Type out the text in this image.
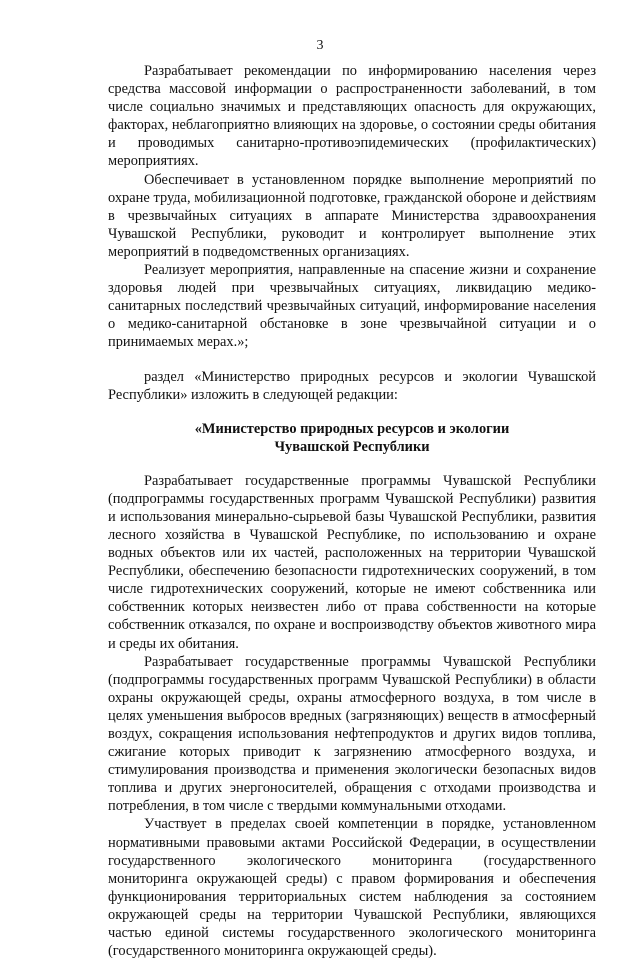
3

Разрабатывает рекомендации по информированию населения через средства массовой информации о распространенности заболеваний, в том числе социально значимых и представляющих опасность для окружающих, факторах, неблагоприятно влияющих на здоровье, о состоянии среды обитания и проводимых санитарно-противоэпидемических (профилактических) мероприятиях.

Обеспечивает в установленном порядке выполнение мероприятий по охране труда, мобилизационной подготовке, гражданской обороне и действиям в чрезвычайных ситуациях в аппарате Министерства здравоохранения Чувашской Республики, руководит и контролирует выполнение этих мероприятий в подведомственных организациях.

Реализует мероприятия, направленные на спасение жизни и сохранение здоровья людей при чрезвычайных ситуациях, ликвидацию медико-санитарных последствий чрезвычайных ситуаций, информирование населения о медико-санитарной обстановке в зоне чрезвычайной ситуации и о принимаемых мерах.»;

раздел «Министерство природных ресурсов и экологии Чувашской Республики» изложить в следующей редакции:

«Министерство природных ресурсов и экологии
Чувашской Республики

Разрабатывает государственные программы Чувашской Республики (подпрограммы государственных программ Чувашской Республики) развития и использования минерально-сырьевой базы Чувашской Республики, развития лесного хозяйства в Чувашской Республике, по использованию и охране водных объектов или их частей, расположенных на территории Чувашской Республики, обеспечению безопасности гидротехнических сооружений, в том числе гидротехнических сооружений, которые не имеют собственника или собственник которых неизвестен либо от права собственности на которые собственник отказался, по охране и воспроизводству объектов животного мира и среды их обитания.

Разрабатывает государственные программы Чувашской Республики (подпрограммы государственных программ Чувашской Республики) в области охраны окружающей среды, охраны атмосферного воздуха, в том числе в целях уменьшения выбросов вредных (загрязняющих) веществ в атмосферный воздух, сокращения использования нефтепродуктов и других видов топлива, сжигание которых приводит к загрязнению атмосферного воздуха, и стимулирования производства и применения экологически безопасных видов топлива и других энергоносителей, обращения с отходами производства и потребления, в том числе с твердыми коммунальными отходами.

Участвует в пределах своей компетенции в порядке, установленном нормативными правовыми актами Российской Федерации, в осуществлении государственного экологического мониторинга (государственного мониторинга окружающей среды) с правом формирования и обеспечения функционирования территориальных систем наблюдения за состоянием окружающей среды на территории Чувашской Республики, являющихся частью единой системы государственного экологического мониторинга (государственного мониторинга окружающей среды).
